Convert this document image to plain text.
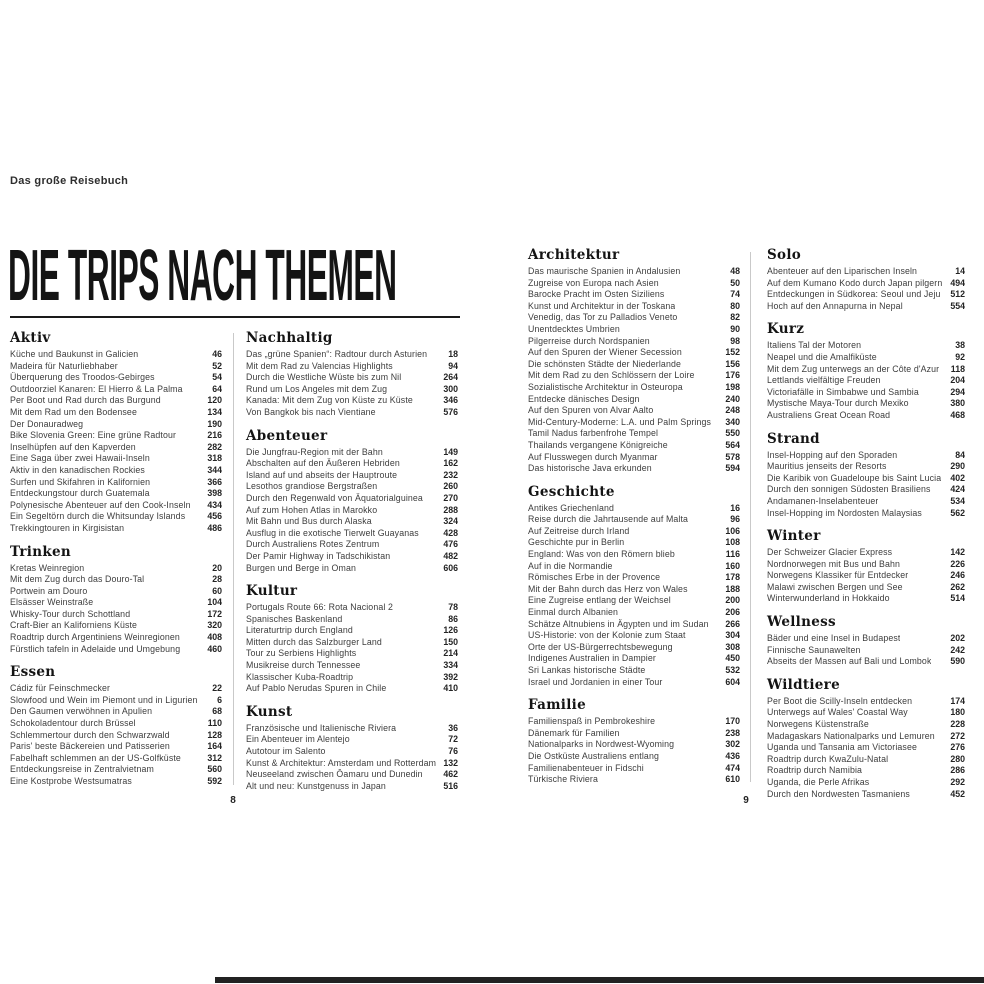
Das große Reisebuch
DIE TRIPS NACH THEMEN
Aktiv
Küche und Baukunst in Galicien	46
Madeira für Naturliebhaber	52
Überquerung des Troodos-Gebirges	54
Outdoorziel Kanaren: El Hierro & La Palma	64
Per Boot und Rad durch das Burgund	120
Mit dem Rad um den Bodensee	134
Der Donauradweg	190
Bike Slovenia Green: Eine grüne Radtour	216
Inselhüpfen auf den Kapverden	282
Eine Saga über zwei Hawaii-Inseln	318
Aktiv in den kanadischen Rockies	344
Surfen und Skifahren in Kalifornien	366
Entdeckungstour durch Guatemala	398
Polynesische Abenteuer auf den Cook-Inseln 434
Ein Segeltörn durch die Whitsunday Islands	456
Trekkingtouren in Kirgisistan	486
Trinken
Kretas Weinregion	20
Mit dem Zug durch das Douro-Tal	28
Portwein am Douro	60
Elsässer Weinstraße	104
Whisky-Tour durch Schottland	172
Craft-Bier an Kaliforniens Küste	320
Roadtrip durch Argentiniens Weinregionen	408
Fürstlich tafeln in Adelaide und Umgebung	460
Essen
Cádiz für Feinschmecker	22
Slowfood und Wein im Piemont und in Ligurien 6
Den Gaumen verwöhnen in Apulien	68
Schokoladentour durch Brüssel	110
Schlemmertour durch den Schwarzwald	128
Paris' beste Bäckereien und Patisserien	164
Fabelhaft schlemmen an der US-Golfküste	312
Entdeckungsreise in Zentralvietnam	560
Eine Kostprobe Westsumatras	592
Nachhaltig
Das „grüne Spanien“: Radtour durch Asturien 18
Mit dem Rad zu Valencias Highlights	94
Durch die Westliche Wüste bis zum Nil	264
Rund um Los Angeles mit dem Zug	300
Kanada: Mit dem Zug von Küste zu Küste	346
Von Bangkok bis nach Vientiane	576
Abenteuer
Die Jungfrau-Region mit der Bahn	149
Abschalten auf den Äußeren Hebriden	162
Island auf und abseits der Hauptroute	232
Lesothos grandiose Bergstraßen	260
Durch den Regenwald von Äquatorialguinea 270
Auf zum Hohen Atlas in Marokko	288
Mit Bahn und Bus durch Alaska	324
Ausflug in die exotische Tierwelt Guayanas	428
Durch Australiens Rotes Zentrum	476
Der Pamir Highway in Tadschikistan	482
Burgen und Berge in Oman	606
Kultur
Portugals Route 66: Rota Nacional 2	78
Spanisches Baskenland	86
Literaturtrip durch England	126
Mitten durch das Salzburger Land	150
Tour zu Serbiens Highlights	214
Musikreise durch Tennessee	334
Klassischer Kuba-Roadtrip	392
Auf Pablo Nerudas Spuren in Chile	410
Kunst
Französische und Italienische Riviera	36
Ein Abenteuer im Alentejo	72
Autotour im Salento	76
Kunst & Architektur: Amsterdam und Rotterdam 132
Neuseeland zwischen Ōamaru und Dunedin 462
Alt und neu: Kunstgenuss in Japan	516
Architektur
Das maurische Spanien in Andalusien	48
Zugreise von Europa nach Asien	50
Barocke Pracht im Osten Siziliens	74
Kunst und Architektur in der Toskana	80
Venedig, das Tor zu Palladios Veneto	82
Unentdecktes Umbrien	90
Pilgerreise durch Nordspanien	98
Auf den Spuren der Wiener Secession	152
Die schönsten Städte der Niederlande	156
Mit dem Rad zu den Schlössern der Loire	176
Sozialistische Architektur in Osteuropa	198
Entdecke dänisches Design	240
Auf den Spuren von Alvar Aalto	248
Mid-Century-Moderne: L.A. und Palm Springs 340
Tamil Nadus farbenfrohe Tempel	550
Thailands vergangene Königreiche	564
Auf Flusswegen durch Myanmar	578
Das historische Java erkunden	594
Geschichte
Antikes Griechenland	16
Reise durch die Jahrtausende auf Malta	96
Auf Zeitreise durch Irland	106
Geschichte pur in Berlin	108
England: Was von den Römern blieb	116
Auf in die Normandie	160
Römisches Erbe in der Provence	178
Mit der Bahn durch das Herz von Wales	188
Eine Zugreise entlang der Weichsel	200
Einmal durch Albanien	206
Schätze Altnubiens in Ägypten und im Sudan 266
US-Historie: von der Kolonie zum Staat	304
Orte der US-Bürgerrechtsbewegung	308
Indigenes Australien in Dampier	450
Sri Lankas historische Städte	532
Israel und Jordanien in einer Tour	604
Familie
Familienspaß in Pembrokeshire	170
Dänemark für Familien	238
Nationalparks in Nordwest-Wyoming	302
Die Ostküste Australiens entlang	436
Familienabenteuer in Fidschi	474
Türkische Riviera	610
Solo
Abenteuer auf den Liparischen Inseln	14
Auf dem Kumano Kodo durch Japan pilgern 494
Entdeckungen in Südkorea: Seoul und Jeju 512
Hoch auf den Annapurna in Nepal	554
Kurz
Italiens Tal der Motoren	38
Neapel und die Amalfiküste	92
Mit dem Zug unterwegs an der Côte d'Azur 118
Lettlands vielfältige Freuden	204
Victoriafälle in Simbabwe und Sambia	294
Mystische Maya-Tour durch Mexiko	380
Australiens Great Ocean Road	468
Strand
Insel-Hopping auf den Sporaden	84
Mauritius jenseits der Resorts	290
Die Karibik von Guadeloupe bis Saint Lucia 402
Durch den sonnigen Südosten Brasiliens 424
Andamanen-Inselabenteuer	534
Insel-Hopping im Nordosten Malaysias	562
Winter
Der Schweizer Glacier Express	142
Nordnorwegen mit Bus und Bahn	226
Norwegens Klassiker für Entdecker	246
Malawi zwischen Bergen und See	262
Winterwunderland in Hokkaido	514
Wellness
Bäder und eine Insel in Budapest	202
Finnische Saunawelten	242
Abseits der Massen auf Bali und Lombok 590
Wildtiere
Per Boot die Scilly-Inseln entdecken	174
Unterwegs auf Wales' Coastal Way	180
Norwegens Küstenstraße	228
Madagaskars Nationalparks und Lemuren 272
Uganda und Tansania am Victoriasee	276
Roadtrip durch KwaZulu-Natal	280
Roadtrip durch Namibia	286
Uganda, die Perle Afrikas	292
Durch den Nordwesten Tasmaniens	452
8	9
